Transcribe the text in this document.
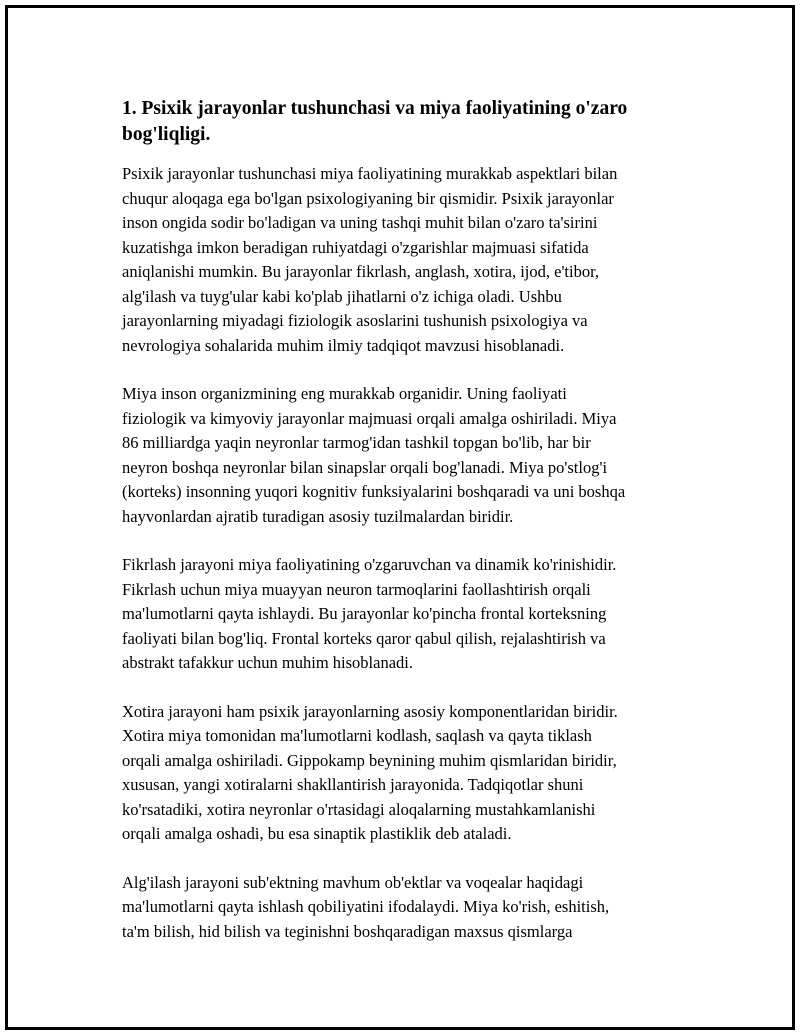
1. Psixik jarayonlar tushunchasi va miya faoliyatining o'zaro
bog'liqligi.

Psixik jarayonlar tushunchasi miya faoliyatining murakkab aspektlari bilan
chuqur aloqaga ega bo'lgan psixologiyaning bir qismidir. Psixik jarayonlar
inson ongida sodir bo'ladigan va uning tashqi muhit bilan o'zaro ta'sirini
kuzatishga imkon beradigan ruhiyatdagi o'zgarishlar majmuasi sifatida
aniqlanishi mumkin. Bu jarayonlar fikrlash, anglash, xotira, ijod, e'tibor,
alg'ilash va tuyg'ular kabi ko'plab jihatlarni o'z ichiga oladi. Ushbu
jarayonlarning miyadagi fiziologik asoslarini tushunish psixologiya va
nevrologiya sohalarida muhim ilmiy tadqiqot mavzusi hisoblanadi.

Miya inson organizmining eng murakkab organidir. Uning faoliyati
fiziologik va kimyoviy jarayonlar majmuasi orqali amalga oshiriladi. Miya
86 milliardga yaqin neyronlar tarmog'idan tashkil topgan bo'lib, har bir
neyron boshqa neyronlar bilan sinapslar orqali bog'lanadi. Miya po'stlog'i
(korteks) insonning yuqori kognitiv funksiyalarini boshqaradi va uni boshqa
hayvonlardan ajratib turadigan asosiy tuzilmalardan biridir.

Fikrlash jarayoni miya faoliyatining o'zgaruvchan va dinamik ko'rinishidir.
Fikrlash uchun miya muayyan neuron tarmoqlarini faollashtirish orqali
ma'lumotlarni qayta ishlaydi. Bu jarayonlar ko'pincha frontal korteksning
faoliyati bilan bog'liq. Frontal korteks qaror qabul qilish, rejalashtirish va
abstrakt tafakkur uchun muhim hisoblanadi.

Xotira jarayoni ham psixik jarayonlarning asosiy komponentlaridan biridir.
Xotira miya tomonidan ma'lumotlarni kodlash, saqlash va qayta tiklash
orqali amalga oshiriladi. Gippokamp beynining muhim qismlaridan biridir,
xususan, yangi xotiralarni shakllantirish jarayonida. Tadqiqotlar shuni
ko'rsatadiki, xotira neyronlar o'rtasidagi aloqalarning mustahkamlanishi
orqali amalga oshadi, bu esa sinaptik plastiklik deb ataladi.

Alg'ilash jarayoni sub'ektning mavhum ob'ektlar va voqealar haqidagi
ma'lumotlarni qayta ishlash qobiliyatini ifodalaydi. Miya ko'rish, eshitish,
ta'm bilish, hid bilish va teginishni boshqaradigan maxsus qismlarga
